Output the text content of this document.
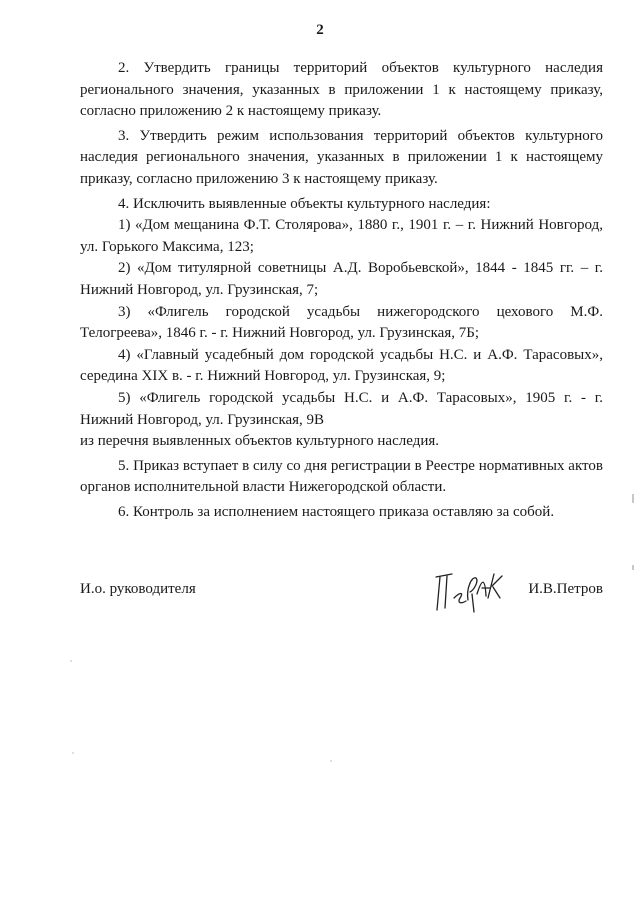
2

2. Утвердить границы территорий объектов культурного наследия регионального значения, указанных в приложении 1 к настоящему приказу, согласно приложению 2 к настоящему приказу.

3. Утвердить режим использования территорий объектов культурного наследия регионального значения, указанных в приложении 1 к настоящему приказу, согласно приложению 3 к настоящему приказу.

4. Исключить выявленные объекты культурного наследия:

1) «Дом мещанина Ф.Т. Столярова», 1880 г., 1901 г. – г. Нижний Новгород, ул. Горького Максима, 123;

2) «Дом титулярной советницы А.Д. Воробьевской», 1844 - 1845 гг. – г. Нижний Новгород, ул. Грузинская, 7;

3) «Флигель городской усадьбы нижегородского цехового М.Ф. Телогреева», 1846 г. - г. Нижний Новгород, ул. Грузинская, 7Б;

4) «Главный усадебный дом городской усадьбы Н.С. и А.Ф. Тарасовых», середина XIX в. - г. Нижний Новгород, ул. Грузинская, 9;

5) «Флигель городской усадьбы Н.С. и А.Ф. Тарасовых», 1905 г. - г. Нижний Новгород, ул. Грузинская, 9В

из перечня выявленных объектов культурного наследия.

5. Приказ вступает в силу со дня регистрации в Реестре нормативных актов органов исполнительной власти Нижегородской области.

6. Контроль за исполнением настоящего приказа оставляю за собой.

И.о. руководителя	И.В.Петров
